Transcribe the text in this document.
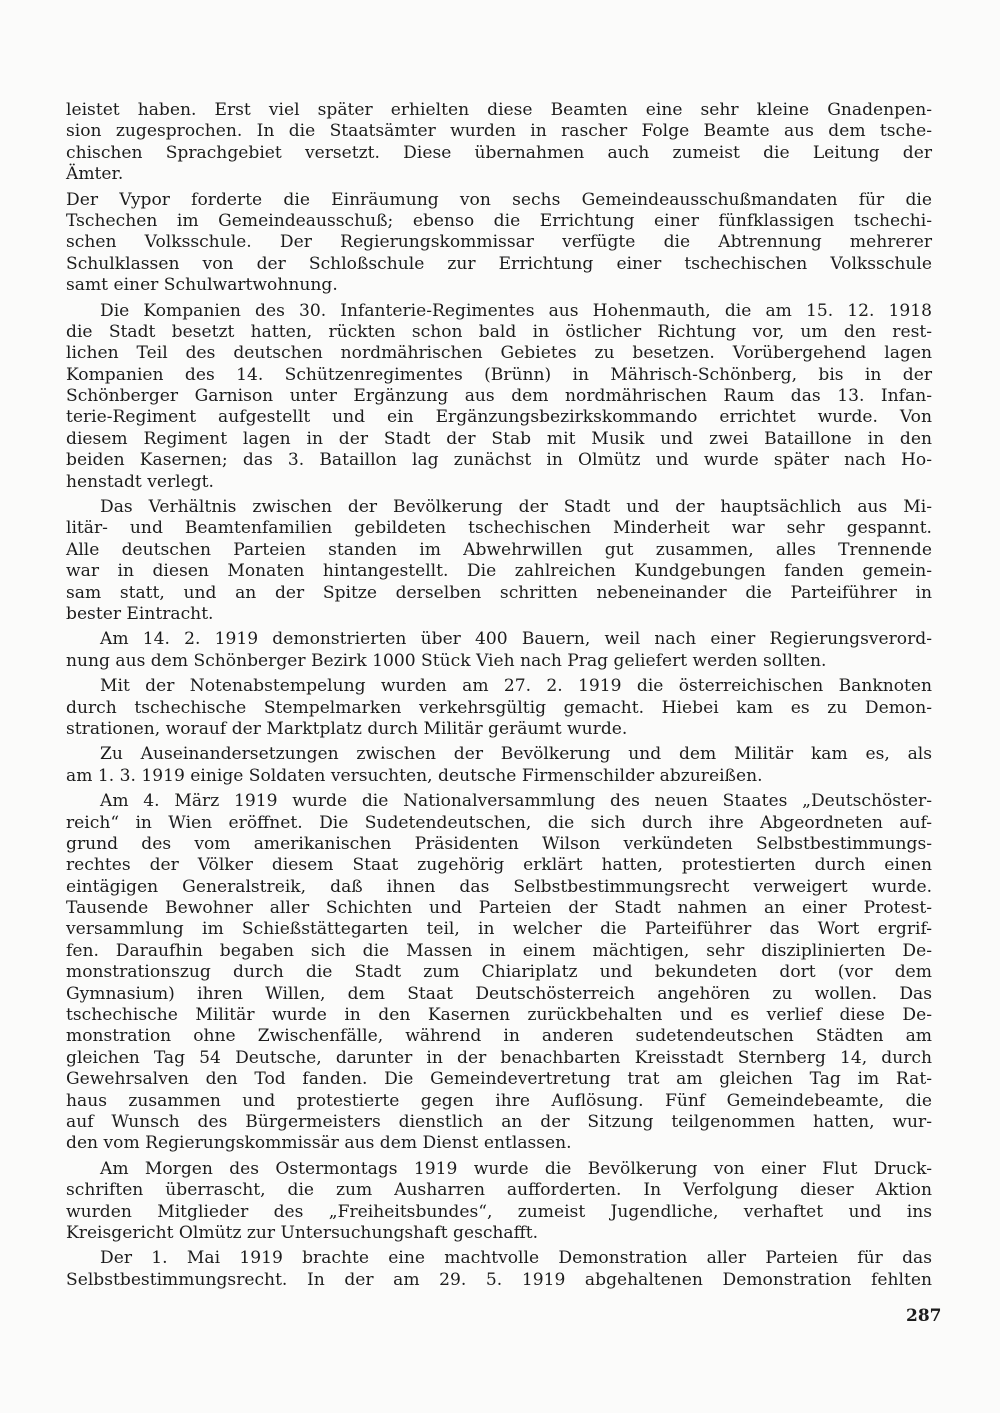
leistet haben. Erst viel später erhielten diese Beamten eine sehr kleine Gnadenpen-
sion zugesprochen. In die Staatsämter wurden in rascher Folge Beamte aus dem tsche-
chischen Sprachgebiet versetzt. Diese übernahmen auch zumeist die Leitung der
Ämter.
Der Vypor forderte die Einräumung von sechs Gemeindeausschußmandaten für die
Tschechen im Gemeindeausschuß; ebenso die Errichtung einer fünfklassigen tschechi-
schen Volksschule. Der Regierungskommissar verfügte die Abtrennung mehrerer
Schulklassen von der Schloßschule zur Errichtung einer tschechischen Volksschule
samt einer Schulwartwohnung.
Die Kompanien des 30. Infanterie-Regimentes aus Hohenmauth, die am 15. 12. 1918
die Stadt besetzt hatten, rückten schon bald in östlicher Richtung vor, um den rest-
lichen Teil des deutschen nordmährischen Gebietes zu besetzen. Vorübergehend lagen
Kompanien des 14. Schützenregimentes (Brünn) in Mährisch-Schönberg, bis in der
Schönberger Garnison unter Ergänzung aus dem nordmährischen Raum das 13. Infan-
terie-Regiment aufgestellt und ein Ergänzungsbezirkskommando errichtet wurde. Von
diesem Regiment lagen in der Stadt der Stab mit Musik und zwei Bataillone in den
beiden Kasernen; das 3. Bataillon lag zunächst in Olmütz und wurde später nach Ho-
henstadt verlegt.
Das Verhältnis zwischen der Bevölkerung der Stadt und der hauptsächlich aus Mi-
litär- und Beamtenfamilien gebildeten tschechischen Minderheit war sehr gespannt.
Alle deutschen Parteien standen im Abwehrwillen gut zusammen, alles Trennende
war in diesen Monaten hintangestellt. Die zahlreichen Kundgebungen fanden gemein-
sam statt, und an der Spitze derselben schritten nebeneinander die Parteiführer in
bester Eintracht.
Am 14. 2. 1919 demonstrierten über 400 Bauern, weil nach einer Regierungsverord-
nung aus dem Schönberger Bezirk 1000 Stück Vieh nach Prag geliefert werden sollten.
Mit der Notenabstempelung wurden am 27. 2. 1919 die österreichischen Banknoten
durch tschechische Stempelmarken verkehrsgültig gemacht. Hiebei kam es zu Demon-
strationen, worauf der Marktplatz durch Militär geräumt wurde.
Zu Auseinandersetzungen zwischen der Bevölkerung und dem Militär kam es, als
am 1. 3. 1919 einige Soldaten versuchten, deutsche Firmenschilder abzureißen.
Am 4. März 1919 wurde die Nationalversammlung des neuen Staates „Deutschöster-
reich“ in Wien eröffnet. Die Sudetendeutschen, die sich durch ihre Abgeordneten auf-
grund des vom amerikanischen Präsidenten Wilson verkündeten Selbstbestimmungs-
rechtes der Völker diesem Staat zugehörig erklärt hatten, protestierten durch einen
eintägigen Generalstreik, daß ihnen das Selbstbestimmungsrecht verweigert wurde.
Tausende Bewohner aller Schichten und Parteien der Stadt nahmen an einer Protest-
versammlung im Schießstättegarten teil, in welcher die Parteiführer das Wort ergrif-
fen. Daraufhin begaben sich die Massen in einem mächtigen, sehr disziplinierten De-
monstrationszug durch die Stadt zum Chiariplatz und bekundeten dort (vor dem
Gymnasium) ihren Willen, dem Staat Deutschösterreich angehören zu wollen. Das
tschechische Militär wurde in den Kasernen zurückbehalten und es verlief diese De-
monstration ohne Zwischenfälle, während in anderen sudetendeutschen Städten am
gleichen Tag 54 Deutsche, darunter in der benachbarten Kreisstadt Sternberg 14, durch
Gewehrsalven den Tod fanden. Die Gemeindevertretung trat am gleichen Tag im Rat-
haus zusammen und protestierte gegen ihre Auflösung. Fünf Gemeindebeamte, die
auf Wunsch des Bürgermeisters dienstlich an der Sitzung teilgenommen hatten, wur-
den vom Regierungskommissär aus dem Dienst entlassen.
Am Morgen des Ostermontags 1919 wurde die Bevölkerung von einer Flut Druck-
schriften überrascht, die zum Ausharren aufforderten. In Verfolgung dieser Aktion
wurden Mitglieder des „Freiheitsbundes“, zumeist Jugendliche, verhaftet und ins
Kreisgericht Olmütz zur Untersuchungshaft geschafft.
Der 1. Mai 1919 brachte eine machtvolle Demonstration aller Parteien für das
Selbstbestimmungsrecht. In der am 29. 5. 1919 abgehaltenen Demonstration fehlten
287
